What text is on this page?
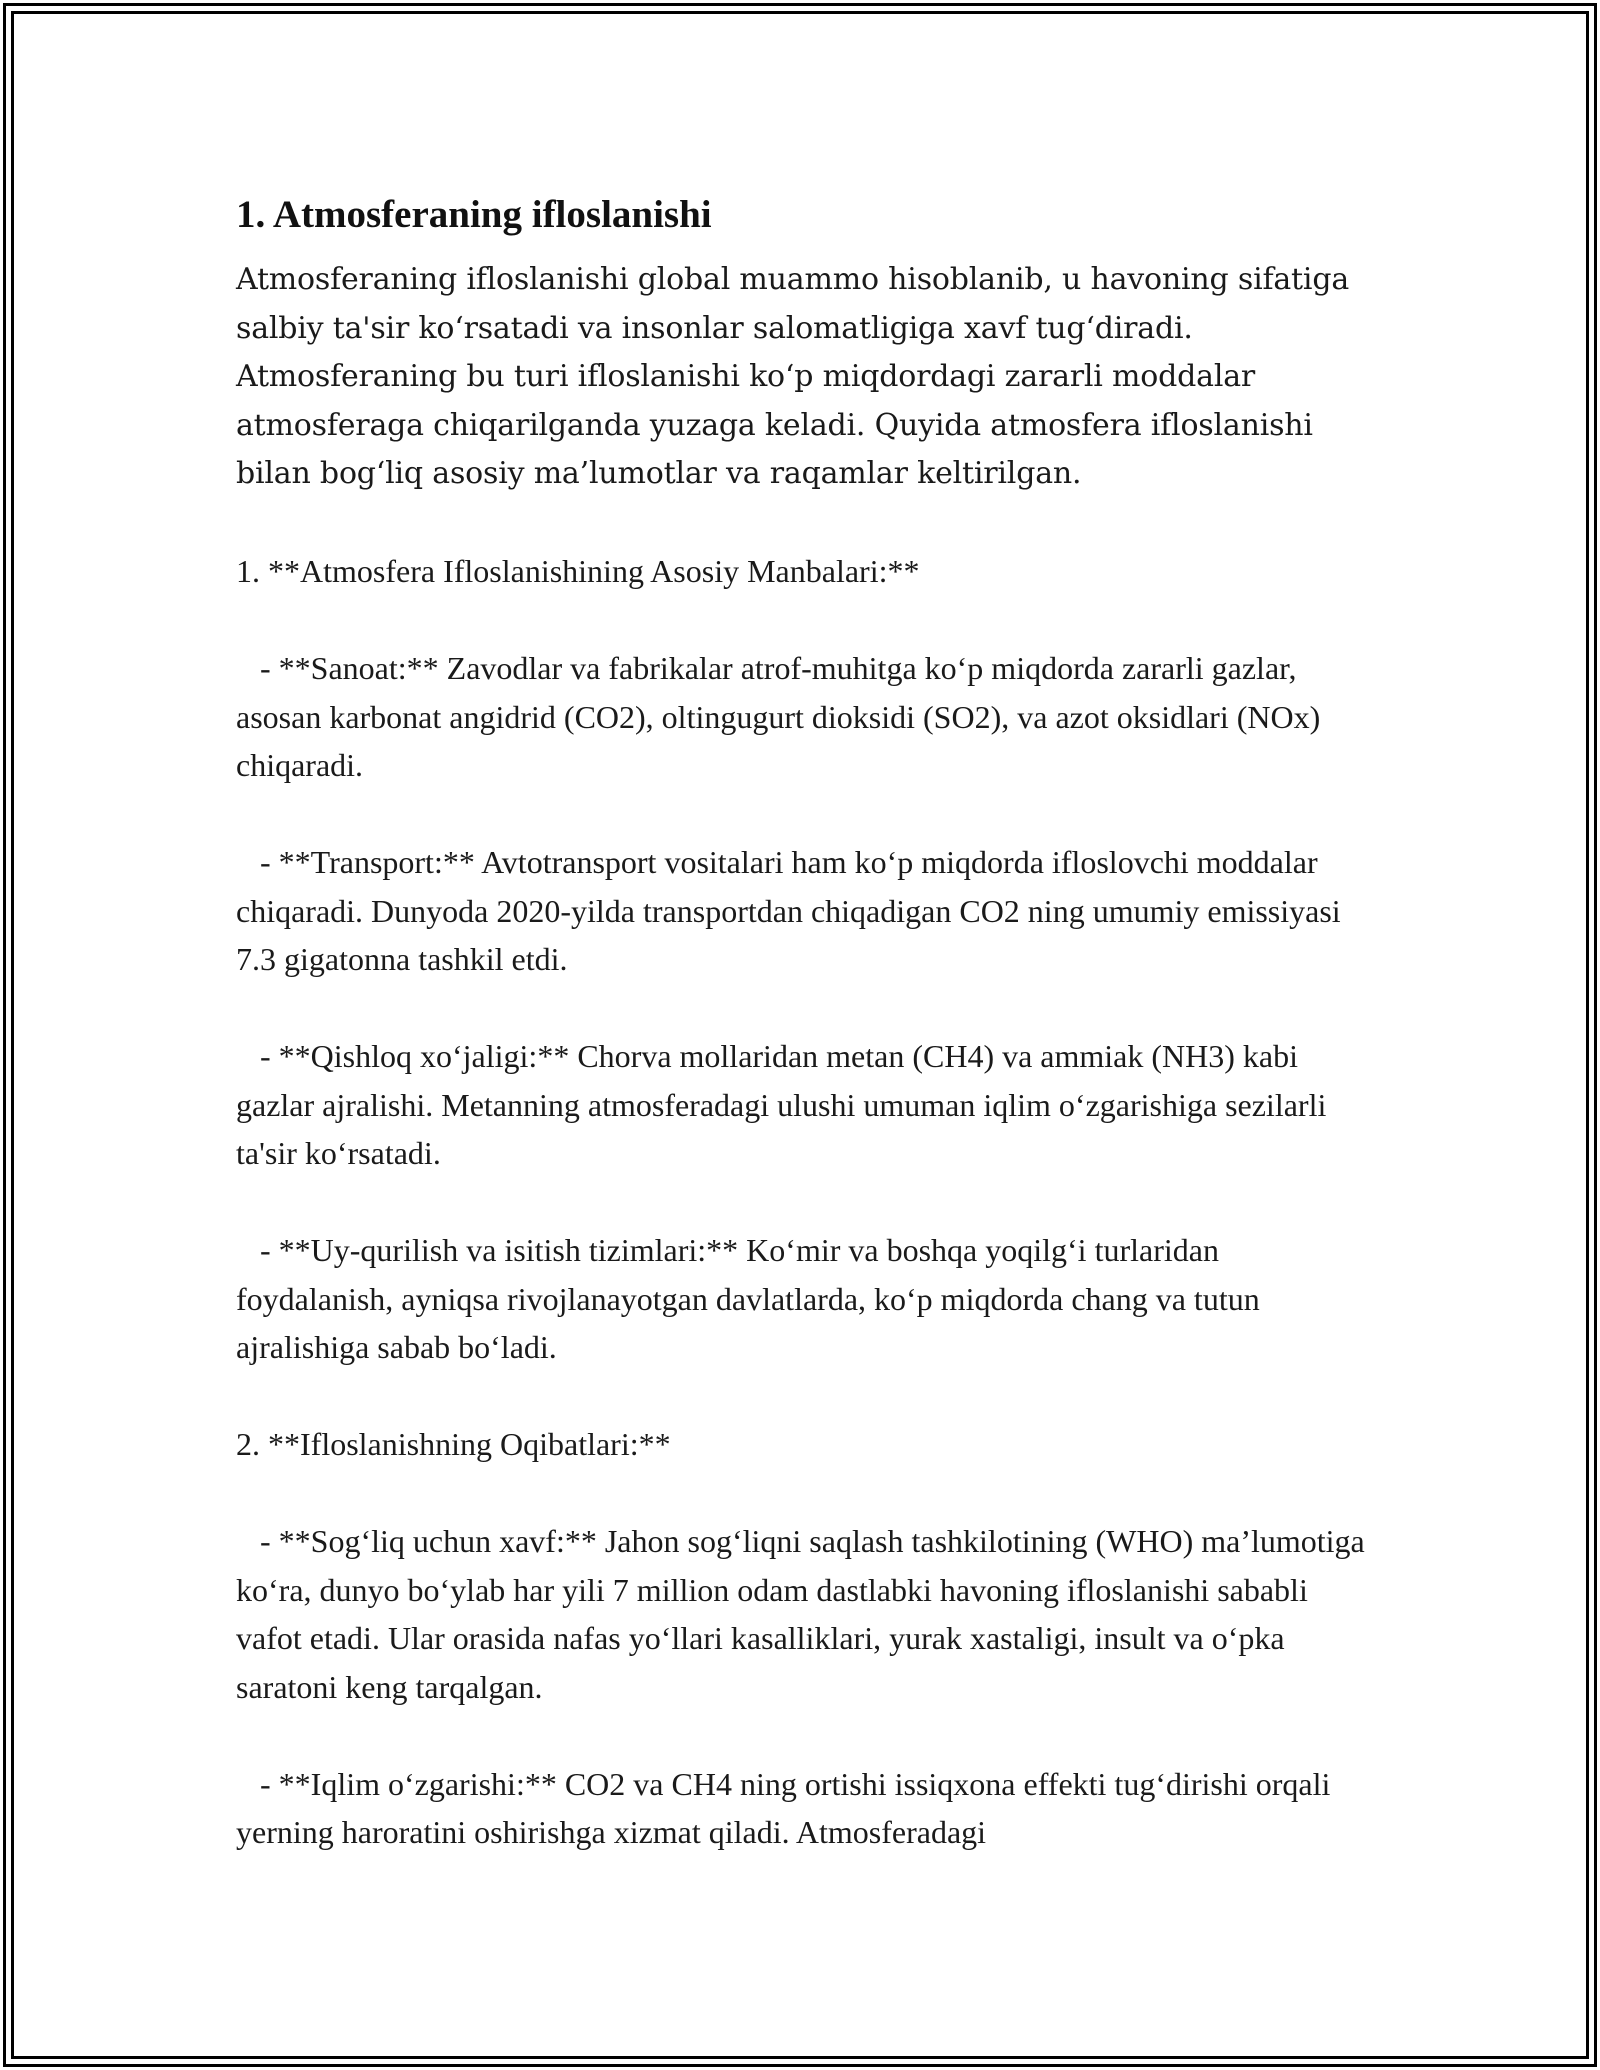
1. Atmosferaning ifloslanishi

Atmosferaning ifloslanishi global muammo hisoblanib, u havoning sifatiga salbiy ta'sir ko‘rsatadi va insonlar salomatligiga xavf tug‘diradi. Atmosferaning bu turi ifloslanishi ko‘p miqdordagi zararli moddalar atmosferaga chiqarilganda yuzaga keladi. Quyida atmosfera ifloslanishi bilan bog‘liq asosiy ma’lumotlar va raqamlar keltirilgan.

1. **Atmosfera Ifloslanishining Asosiy Manbalari:**

- **Sanoat:** Zavodlar va fabrikalar atrof-muhitga ko‘p miqdorda zararli gazlar, asosan karbonat angidrid (CO2), oltingugurt dioksidi (SO2), va azot oksidlari (NOx) chiqaradi.

- **Transport:** Avtotransport vositalari ham ko‘p miqdorda ifloslovchi moddalar chiqaradi. Dunyoda 2020-yilda transportdan chiqadigan CO2 ning umumiy emissiyasi 7.3 gigatonna tashkil etdi.

- **Qishloq xo‘jaligi:** Chorva mollaridan metan (CH4) va ammiak (NH3) kabi gazlar ajralishi. Metanning atmosferadagi ulushi umuman iqlim o‘zgarishiga sezilarli ta'sir ko‘rsatadi.

- **Uy-qurilish va isitish tizimlari:** Ko‘mir va boshqa yoqilg‘i turlaridan foydalanish, ayniqsa rivojlanayotgan davlatlarda, ko‘p miqdorda chang va tutun ajralishiga sabab bo‘ladi.

2. **Ifloslanishning Oqibatlari:**

- **Sog‘liq uchun xavf:** Jahon sog‘liqni saqlash tashkilotining (WHO) ma’lumotiga ko‘ra, dunyo bo‘ylab har yili 7 million odam dastlabki havoning ifloslanishi sababli vafot etadi. Ular orasida nafas yo‘llari kasalliklari, yurak xastaligi, insult va o‘pka saratoni keng tarqalgan.

- **Iqlim o‘zgarishi:** CO2 va CH4 ning ortishi issiqxona effekti tug‘dirishi orqali yerning haroratini oshirishga xizmat qiladi. Atmosferadagi
